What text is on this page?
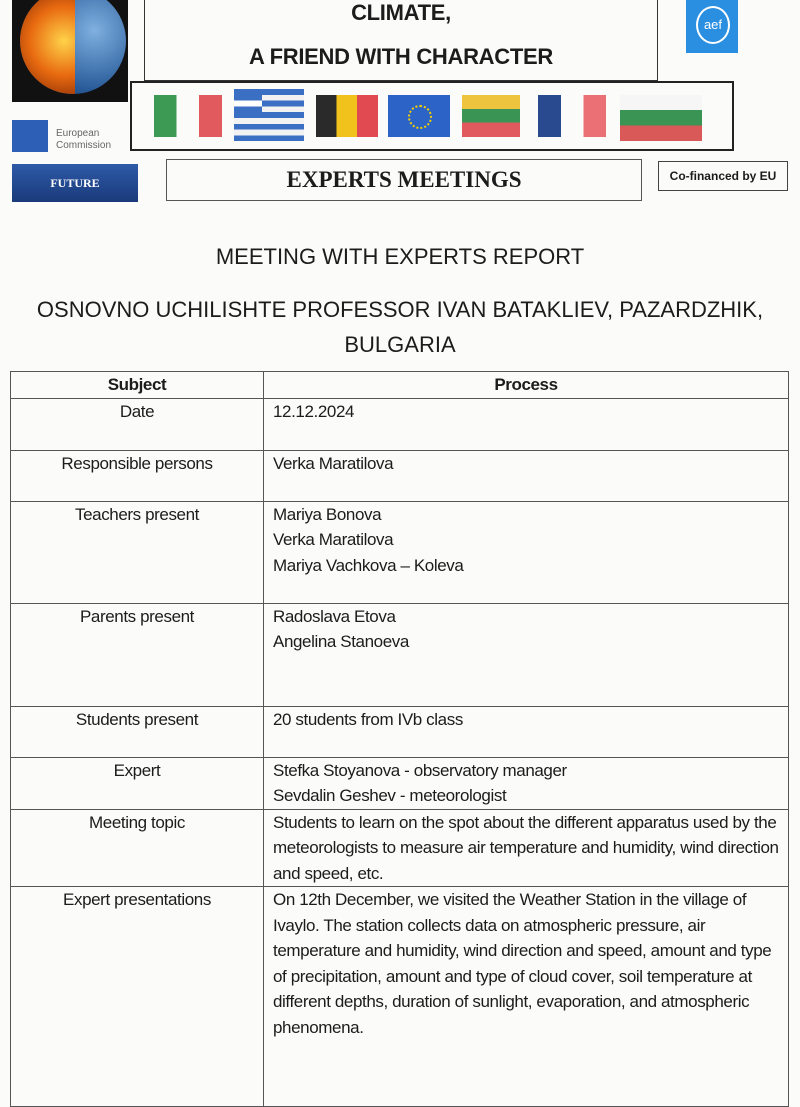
CLIMATE,
A FRIEND WITH CHARACTER
aef
European
Commission
FUTURE	EXPERTS MEETINGS	Co-financed by EU
MEETING WITH EXPERTS REPORT
OSNOVNO UCHILISHTE PROFESSOR IVAN BATAKLIEV, PAZARDZHIK, BULGARIA
Subject	Process
Date	12.12.2024

Responsible persons	Verka Maratilova

Teachers present	Mariya Bonova
Verka Maratilova
Mariya Vachkova – Koleva

Parents present	Radoslava Etova
Angelina Stanoeva

Students present	20 students from IVb class

Expert	Stefka Stoyanova - observatory manager
Sevdalin Geshev - meteorologist

Meeting topic	Students to learn on the spot about the different apparatus used by the meteorologists to measure air temperature and humidity, wind direction and speed, etc.

Expert presentations	On 12th December, we visited the Weather Station in the village of Ivaylo. The station collects data on atmospheric pressure, air temperature and humidity, wind direction and speed, amount and type of precipitation, amount and type of cloud cover, soil temperature at different depths, duration of sunlight, evaporation, and atmospheric phenomena.
